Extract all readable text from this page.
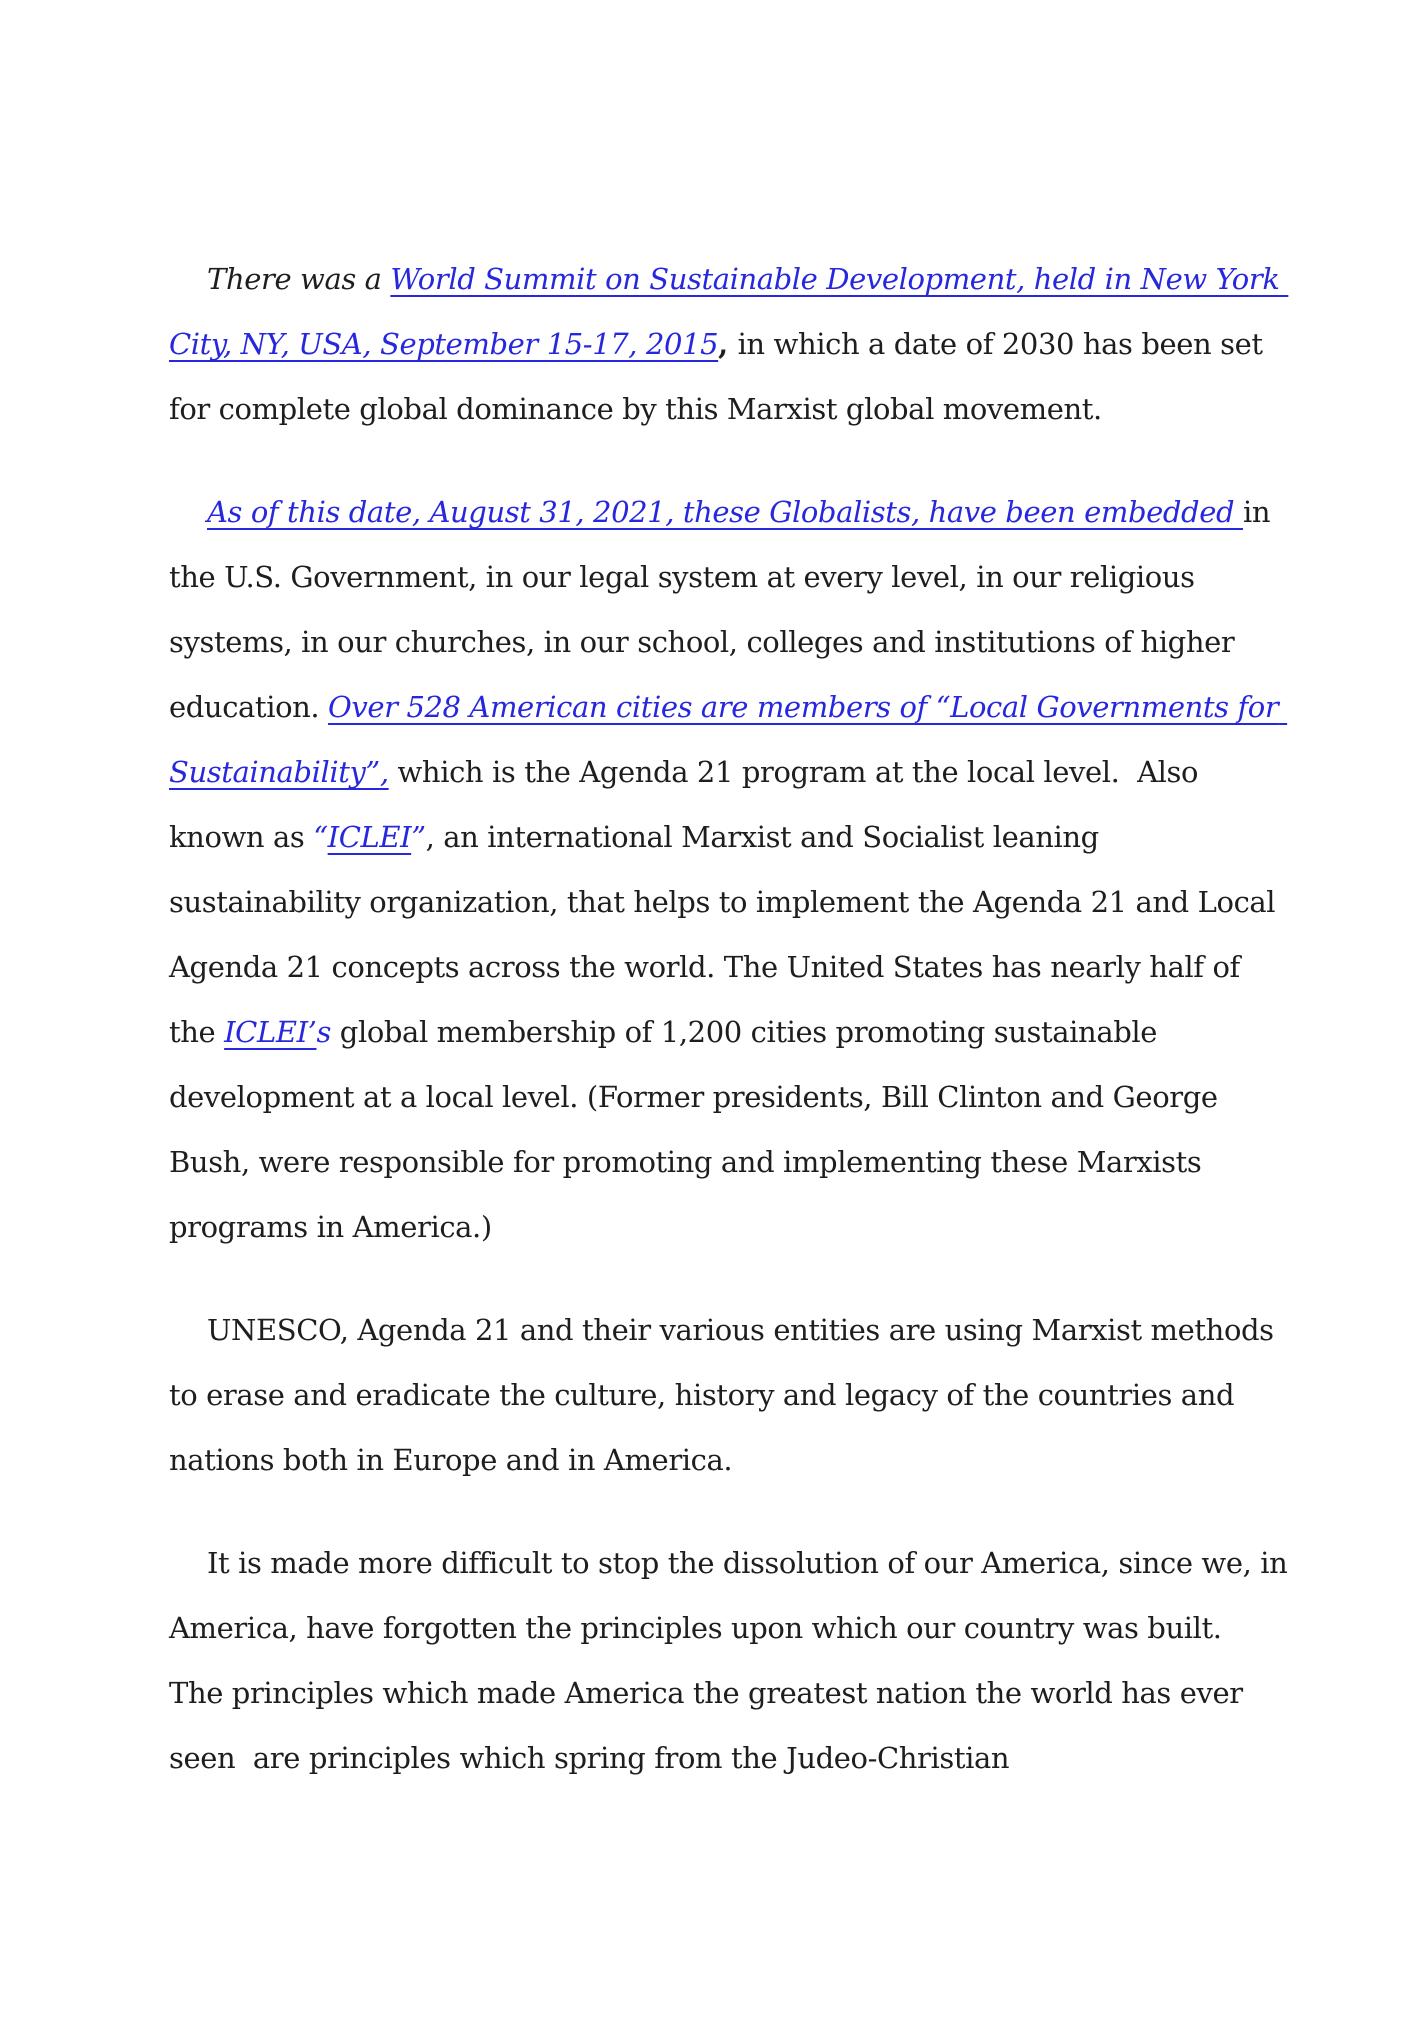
There was a World Summit on Sustainable Development, held in New York City, NY, USA, September 15-17, 2015, in which a date of 2030 has been set for complete global dominance by this Marxist global movement.

As of this date, August 31, 2021, these Globalists, have been embedded in the U.S. Government, in our legal system at every level, in our religious systems, in our churches, in our school, colleges and institutions of higher education. Over 528 American cities are members of “Local Governments for Sustainability”, which is the Agenda 21 program at the local level.  Also known as “ICLEI”, an international Marxist and Socialist leaning sustainability organization, that helps to implement the Agenda 21 and Local Agenda 21 concepts across the world. The United States has nearly half of the ICLEI’s global membership of 1,200 cities promoting sustainable development at a local level. (Former presidents, Bill Clinton and George Bush, were responsible for promoting and implementing these Marxists programs in America.)

UNESCO, Agenda 21 and their various entities are using Marxist methods to erase and eradicate the culture, history and legacy of the countries and nations both in Europe and in America.

It is made more difficult to stop the dissolution of our America, since we, in America, have forgotten the principles upon which our country was built.  The principles which made America the greatest nation the world has ever seen  are principles which spring from the Judeo-Christian
